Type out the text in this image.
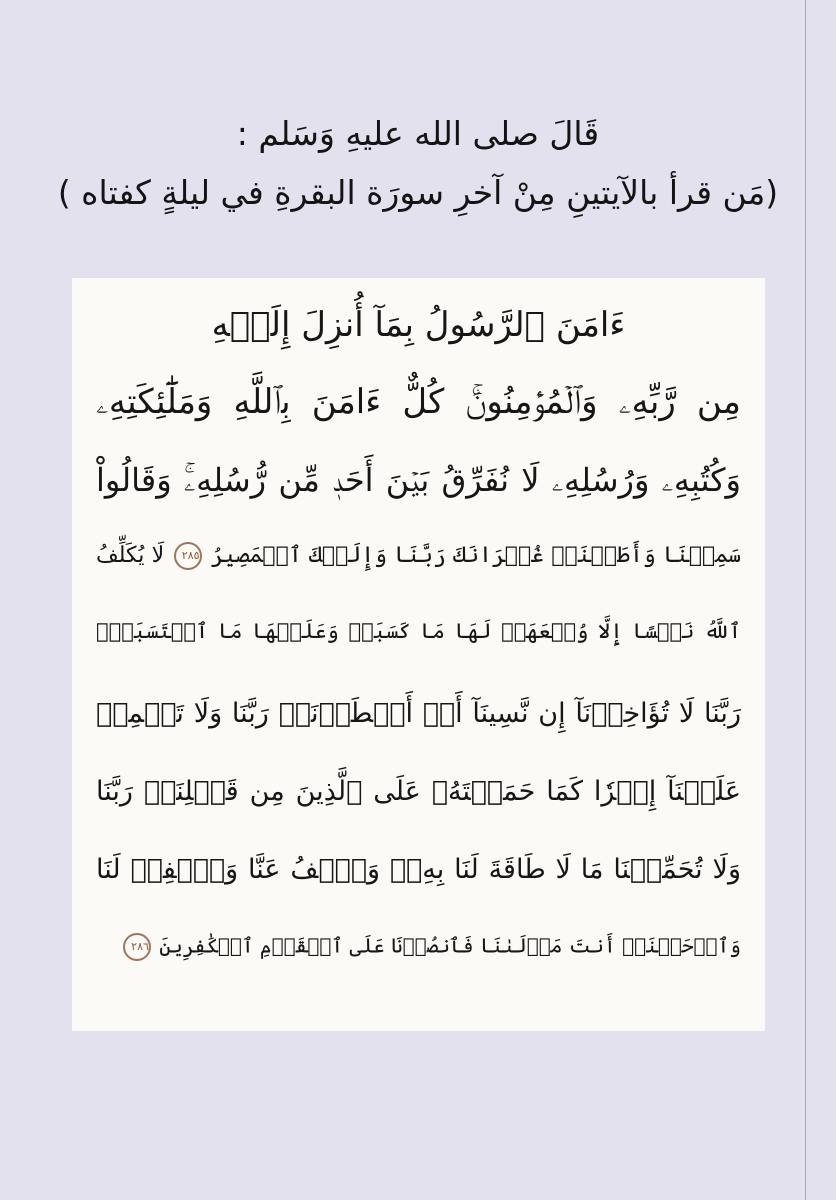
قَالَ صلى الله عليهِ وَسَلم :
(مَن قرأ بالآيتينِ مِنْ آخرِ سورَة البقرةِ في ليلةٍ كفتاه )
ءَامَنَ ٱلرَّسُولُ بِمَآ أُنزِلَ إِلَيۡهِ
مِن رَّبِّهِۦ وَٱلۡمُؤۡمِنُونَۚ كُلٌّ ءَامَنَ بِٱللَّهِ وَمَلَٰٓئِكَتِهِۦ
وَكُتُبِهِۦ وَرُسُلِهِۦ لَا نُفَرِّقُ بَيۡنَ أَحَدٖ مِّن رُّسُلِهِۦۚ وَقَالُواْ
سَمِعۡنَا وَأَطَعۡنَاۖ غُفۡرَانَكَ رَبَّنَا وَإِلَيۡكَ ٱلۡمَصِيرُ ٢٨٥ لَا يُكَلِّفُ
ٱللَّهُ نَفۡسًا إِلَّا وُسۡعَهَاۚ لَهَا مَا كَسَبَتۡ وَعَلَيۡهَا مَا ٱكۡتَسَبَتۡۗ
رَبَّنَا لَا تُؤَاخِذۡنَآ إِن نَّسِينَآ أَوۡ أَخۡطَأۡنَاۚ رَبَّنَا وَلَا تَحۡمِلۡ
عَلَيۡنَآ إِصۡرٗا كَمَا حَمَلۡتَهُۥ عَلَى ٱلَّذِينَ مِن قَبۡلِنَاۚ رَبَّنَا
وَلَا تُحَمِّلۡنَا مَا لَا طَاقَةَ لَنَا بِهِۦۖ وَٱعۡفُ عَنَّا وَٱغۡفِرۡ لَنَا
وَٱرۡحَمۡنَآۚ أَنتَ مَوۡلَىٰنَا فَٱنصُرۡنَا عَلَى ٱلۡقَوۡمِ ٱلۡكَٰفِرِينَ ٢٨٦
